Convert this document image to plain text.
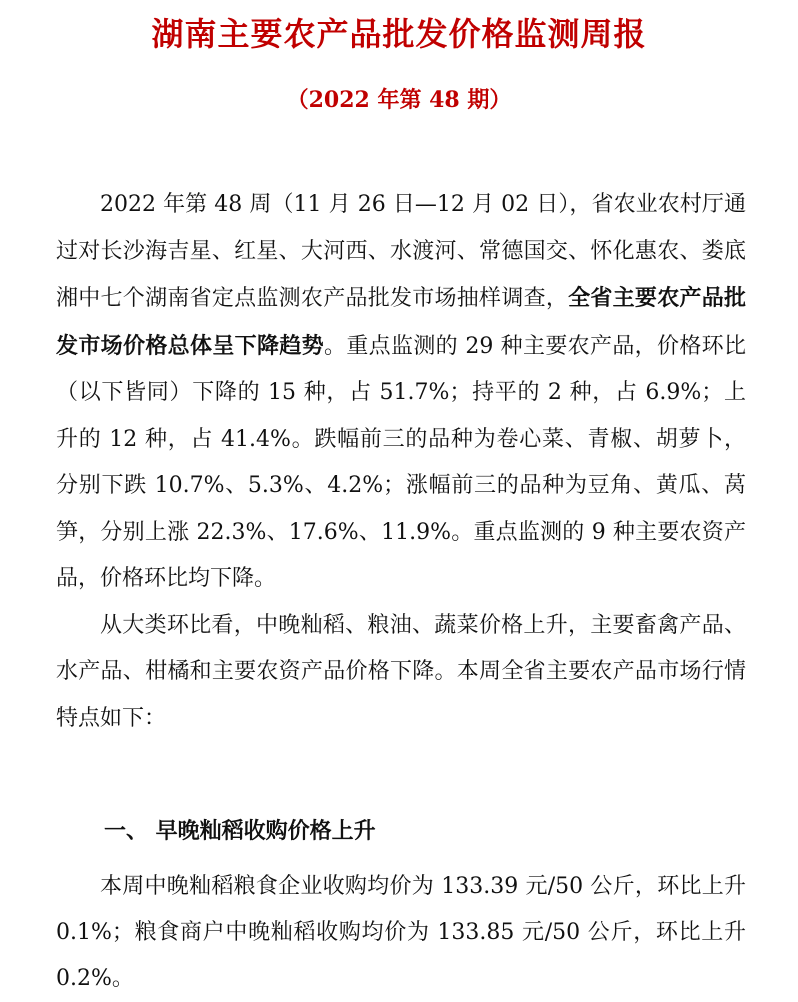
湖南主要农产品批发价格监测周报
（2022 年第 48 期）

2022 年第 48 周（11 月 26 日—12 月 02 日），省农业农村厅通过对长沙海吉星、红星、大河西、水渡河、常德国交、怀化惠农、娄底湘中七个湖南省定点监测农产品批发市场抽样调查，全省主要农产品批发市场价格总体呈下降趋势。重点监测的 29 种主要农产品，价格环比（以下皆同）下降的 15 种，占 51.7%；持平的 2 种，占 6.9%；上升的 12 种，占 41.4%。跌幅前三的品种为卷心菜、青椒、胡萝卜，分别下跌 10.7%、5.3%、4.2%；涨幅前三的品种为豆角、黄瓜、莴笋，分别上涨 22.3%、17.6%、11.9%。重点监测的 9 种主要农资产品，价格环比均下降。

从大类环比看，中晚籼稻、粮油、蔬菜价格上升，主要畜禽产品、水产品、柑橘和主要农资产品价格下降。本周全省主要农产品市场行情特点如下：

一、 早晚籼稻收购价格上升

本周中晚籼稻粮食企业收购均价为 133.39 元/50 公斤，环比上升 0.1%；粮食商户中晚籼稻收购均价为 133.85 元/50 公斤，环比上升 0.2%。
